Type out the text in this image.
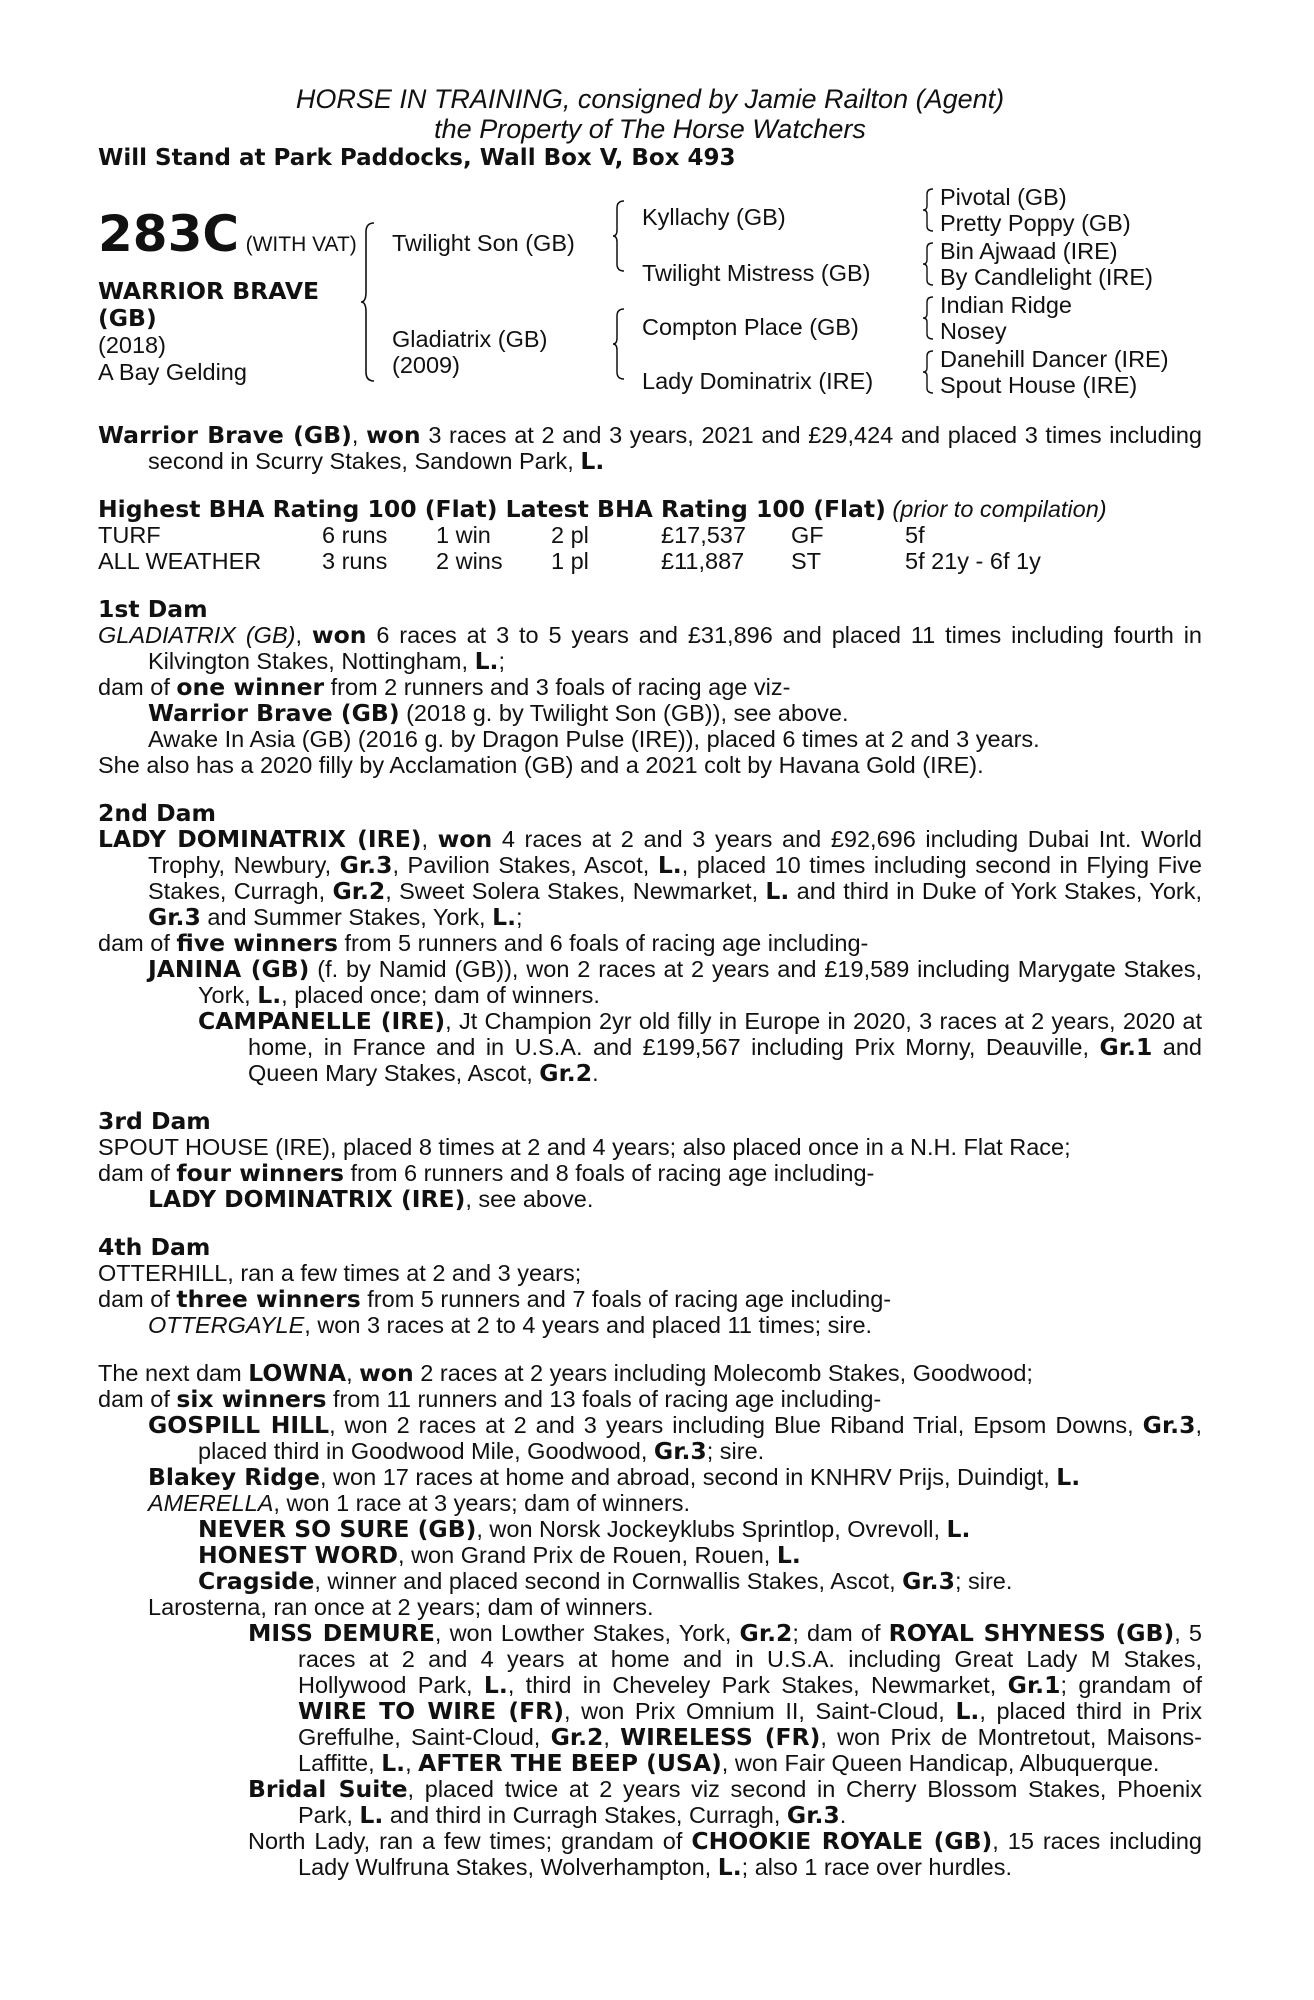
HORSE IN TRAINING, consigned by Jamie Railton (Agent)
the Property of The Horse Watchers
Will Stand at Park Paddocks, Wall Box V, Box 493
283C (WITH VAT)
WARRIOR BRAVE
(GB)
(2018)
A Bay Gelding
Twilight Son (GB)
Gladiatrix (GB)
(2009)
Kyllachy (GB)
Twilight Mistress (GB)
Compton Place (GB)
Lady Dominatrix (IRE)
Pivotal (GB)
Pretty Poppy (GB)
Bin Ajwaad (IRE)
By Candlelight (IRE)
Indian Ridge
Nosey
Danehill Dancer (IRE)
Spout House (IRE)
Warrior Brave (GB), won 3 races at 2 and 3 years, 2021 and £29,424 and placed 3 times including second in Scurry Stakes, Sandown Park, L.
Highest BHA Rating 100 (Flat) Latest BHA Rating 100 (Flat) (prior to compilation)
TURF	6 runs	1 win	2 pl	£17,537	GF	5f
ALL WEATHER	3 runs	2 wins	1 pl	£11,887	ST	5f 21y - 6f 1y
1st Dam
GLADIATRIX (GB), won 6 races at 3 to 5 years and £31,896 and placed 11 times including fourth in Kilvington Stakes, Nottingham, L.;
dam of one winner from 2 runners and 3 foals of racing age viz-
Warrior Brave (GB) (2018 g. by Twilight Son (GB)), see above.
Awake In Asia (GB) (2016 g. by Dragon Pulse (IRE)), placed 6 times at 2 and 3 years.
She also has a 2020 filly by Acclamation (GB) and a 2021 colt by Havana Gold (IRE).
2nd Dam
LADY DOMINATRIX (IRE), won 4 races at 2 and 3 years and £92,696 including Dubai Int. World Trophy, Newbury, Gr.3, Pavilion Stakes, Ascot, L., placed 10 times including second in Flying Five Stakes, Curragh, Gr.2, Sweet Solera Stakes, Newmarket, L. and third in Duke of York Stakes, York, Gr.3 and Summer Stakes, York, L.;
dam of five winners from 5 runners and 6 foals of racing age including-
JANINA (GB) (f. by Namid (GB)), won 2 races at 2 years and £19,589 including Marygate Stakes, York, L., placed once; dam of winners.
CAMPANELLE (IRE), Jt Champion 2yr old filly in Europe in 2020, 3 races at 2 years, 2020 at home, in France and in U.S.A. and £199,567 including Prix Morny, Deauville, Gr.1 and Queen Mary Stakes, Ascot, Gr.2.
3rd Dam
SPOUT HOUSE (IRE), placed 8 times at 2 and 4 years; also placed once in a N.H. Flat Race;
dam of four winners from 6 runners and 8 foals of racing age including-
LADY DOMINATRIX (IRE), see above.
4th Dam
OTTERHILL, ran a few times at 2 and 3 years;
dam of three winners from 5 runners and 7 foals of racing age including-
OTTERGAYLE, won 3 races at 2 to 4 years and placed 11 times; sire.
The next dam LOWNA, won 2 races at 2 years including Molecomb Stakes, Goodwood;
dam of six winners from 11 runners and 13 foals of racing age including-
GOSPILL HILL, won 2 races at 2 and 3 years including Blue Riband Trial, Epsom Downs, Gr.3, placed third in Goodwood Mile, Goodwood, Gr.3; sire.
Blakey Ridge, won 17 races at home and abroad, second in KNHRV Prijs, Duindigt, L.
AMERELLA, won 1 race at 3 years; dam of winners.
NEVER SO SURE (GB), won Norsk Jockeyklubs Sprintlop, Ovrevoll, L.
HONEST WORD, won Grand Prix de Rouen, Rouen, L.
Cragside, winner and placed second in Cornwallis Stakes, Ascot, Gr.3; sire.
Larosterna, ran once at 2 years; dam of winners.
MISS DEMURE, won Lowther Stakes, York, Gr.2; dam of ROYAL SHYNESS (GB), 5 races at 2 and 4 years at home and in U.S.A. including Great Lady M Stakes, Hollywood Park, L., third in Cheveley Park Stakes, Newmarket, Gr.1; grandam of WIRE TO WIRE (FR), won Prix Omnium II, Saint-Cloud, L., placed third in Prix Greffulhe, Saint-Cloud, Gr.2, WIRELESS (FR), won Prix de Montretout, Maisons-Laffitte, L., AFTER THE BEEP (USA), won Fair Queen Handicap, Albuquerque.
Bridal Suite, placed twice at 2 years viz second in Cherry Blossom Stakes, Phoenix Park, L. and third in Curragh Stakes, Curragh, Gr.3.
North Lady, ran a few times; grandam of CHOOKIE ROYALE (GB), 15 races including Lady Wulfruna Stakes, Wolverhampton, L.; also 1 race over hurdles.
